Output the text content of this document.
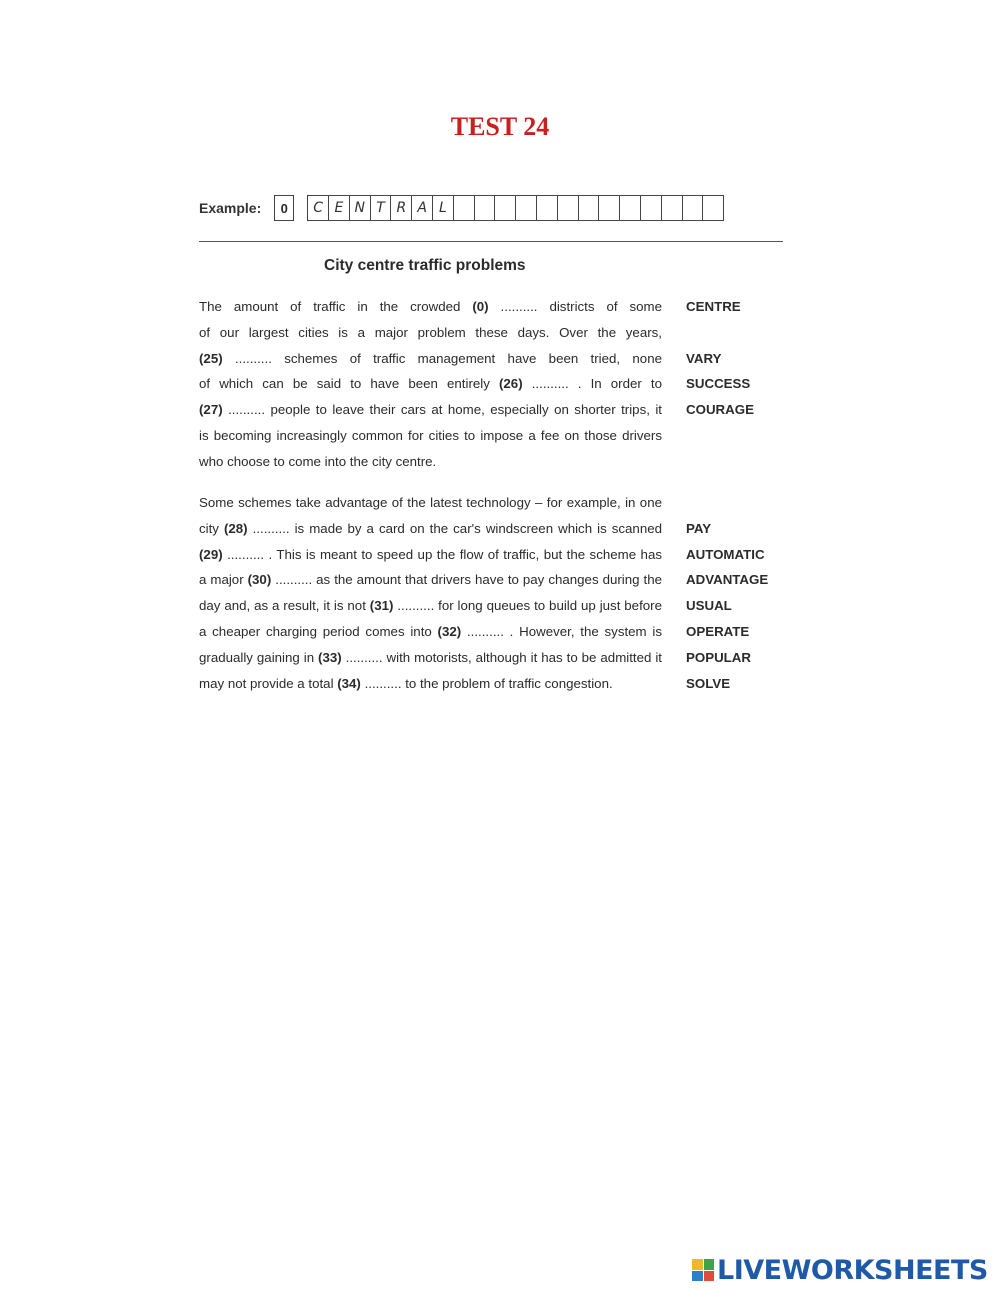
TEST 24
Example:	0	C E N T R A L
City centre traffic problems
The amount of traffic in the crowded (0) .......... districts of some CENTRE
of our largest cities is a major problem these days. Over the years,
(25) .......... schemes of traffic management have been tried, none VARY
of which can be said to have been entirely (26) .......... . In order to SUCCESS
(27) .......... people to leave their cars at home, especially on shorter trips, it COURAGE
is becoming increasingly common for cities to impose a fee on those drivers
who choose to come into the city centre.
Some schemes take advantage of the latest technology – for example, in one
city (28) .......... is made by a card on the car's windscreen which is scanned PAY
(29) .......... . This is meant to speed up the flow of traffic, but the scheme has AUTOMATIC
a major (30) .......... as the amount that drivers have to pay changes during the ADVANTAGE
day and, as a result, it is not (31) .......... for long queues to build up just before USUAL
a cheaper charging period comes into (32) .......... . However, the system is OPERATE
gradually gaining in (33) .......... with motorists, although it has to be admitted it POPULAR
may not provide a total (34) .......... to the problem of traffic congestion.	SOLVE
LIVEWORKSHEETS
